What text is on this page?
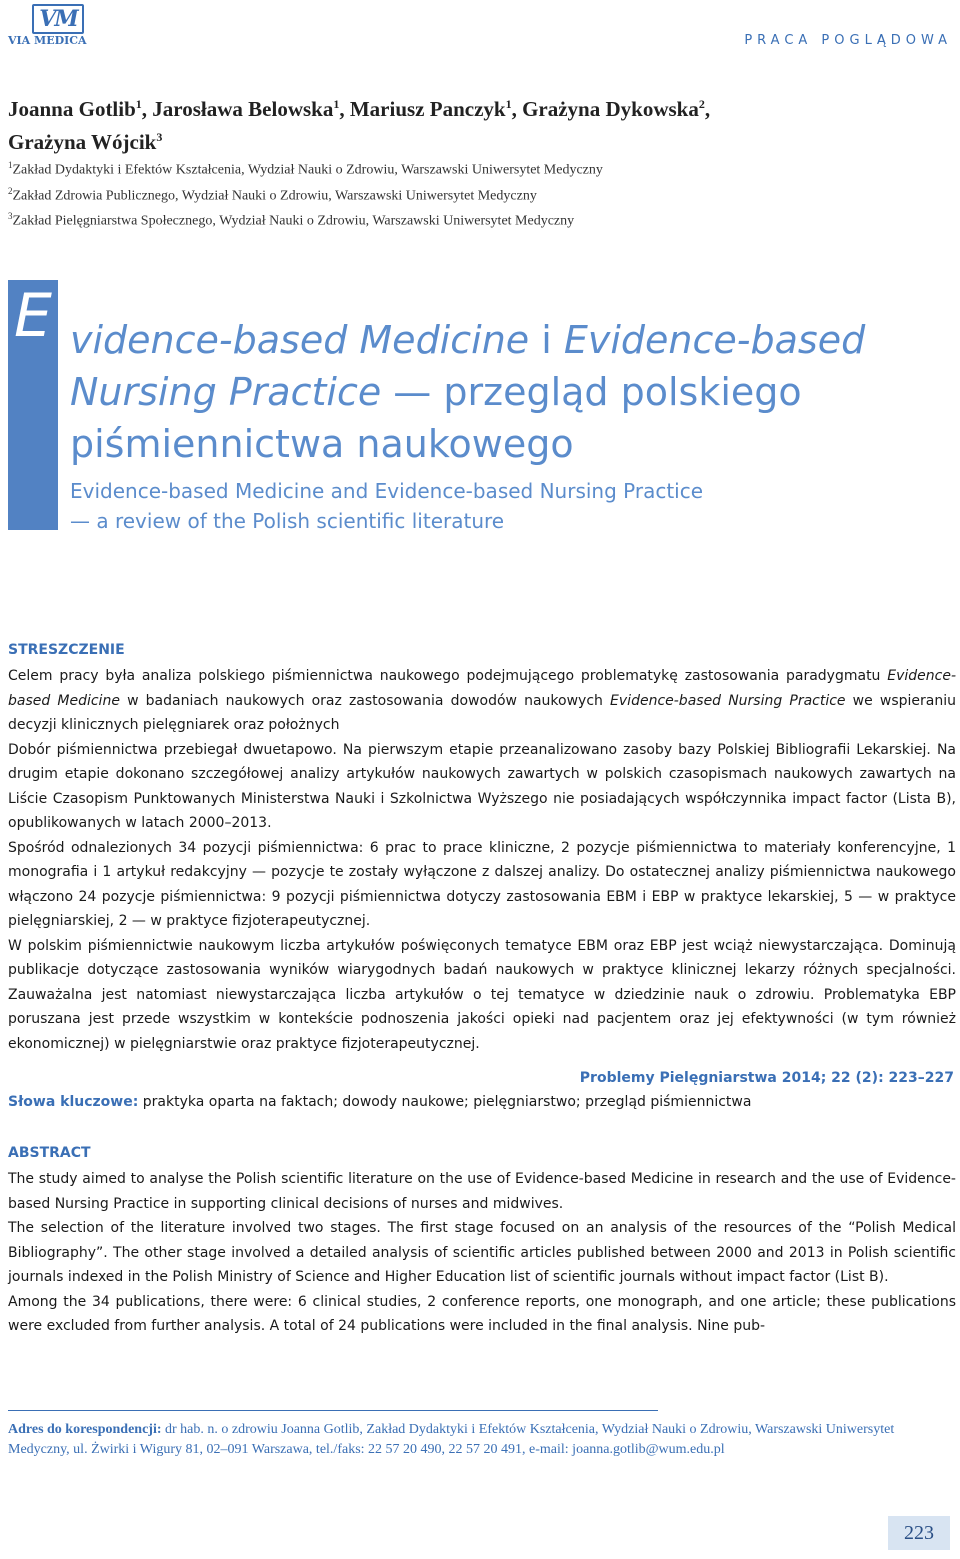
VM
VIA MEDICA	PRACA POGLĄDOWA
Joanna Gotlib$^1$, Jarosława Belowska$^1$, Mariusz Panczyk$^1$, Grażyna Dykowska$^2$,
Grażyna Wójcik$^3$

$^1$Zakład Dydaktyki i Efektów Kształcenia, Wydział Nauki o Zdrowiu, Warszawski Uniwersytet Medyczny

$^2$Zakład Zdrowia Publicznego, Wydział Nauki o Zdrowiu, Warszawski Uniwersytet Medyczny

$^3$Zakład Pielęgniarstwa Społecznego, Wydział Nauki o Zdrowiu, Warszawski Uniwersytet Medyczny

E vidence-based Medicine i Evidence-based
Nursing Practice — przegląd polskiego
piśmiennictwa naukowego
Evidence-based Medicine and Evidence-based Nursing Practice
— a review of the Polish scientific literature
STRESZCZENIE

Celem pracy była analiza polskiego piśmiennictwa naukowego podejmującego problematykę zastosowania paradygmatu Evidence-based Medicine w badaniach naukowych oraz zastosowania dowodów naukowych Evidence-based Nursing Practice we wspieraniu decyzji klinicznych pielęgniarek oraz położnych

Dobór piśmiennictwa przebiegał dwuetapowo. Na pierwszym etapie przeanalizowano zasoby bazy Polskiej Bibliografii Lekarskiej. Na drugim etapie dokonano szczegółowej analizy artykułów naukowych zawartych w polskich czasopismach naukowych zawartych na Liście Czasopism Punktowanych Ministerstwa Nauki i Szkolnictwa Wyższego nie posiadających współczynnika impact factor (Lista B), opublikowanych w latach 2000–2013.

Spośród odnalezionych 34 pozycji piśmiennictwa: 6 prac to prace kliniczne, 2 pozycje piśmiennictwa to materiały konferencyjne, 1 monografia i 1 artykuł redakcyjny — pozycje te zostały wyłączone z dalszej analizy. Do ostatecznej analizy piśmiennictwa naukowego włączono 24 pozycje piśmiennictwa: 9 pozycji piśmiennictwa dotyczy zastosowania EBM i EBP w praktyce lekarskiej, 5 — w praktyce pielęgniarskiej, 2 — w praktyce fizjoterapeutycznej.

W polskim piśmiennictwie naukowym liczba artykułów poświęconych tematyce EBM oraz EBP jest wciąż niewystarczająca. Dominują publikacje dotyczące zastosowania wyników wiarygodnych badań naukowych w praktyce klinicznej lekarzy różnych specjalności. Zauważalna jest natomiast niewystarczająca liczba artykułów o tej tematyce w dziedzinie nauk o zdrowiu. Problematyka EBP poruszana jest przede wszystkim w kontekście podnoszenia jakości opieki nad pacjentem oraz jej efektywności (w tym również ekonomicznej) w pielęgniarstwie oraz praktyce fizjoterapeutycznej.

Problemy Pielęgniarstwa 2014; 22 (2): 223–227
Słowa kluczowe: praktyka oparta na faktach; dowody naukowe; pielęgniarstwo; przegląd piśmiennictwa
ABSTRACT

The study aimed to analyse the Polish scientific literature on the use of Evidence-based Medicine in research and the use of Evidence-based Nursing Practice in supporting clinical decisions of nurses and midwives.

The selection of the literature involved two stages. The first stage focused on an analysis of the resources of the “Polish Medical Bibliography”. The other stage involved a detailed analysis of scientific articles published between 2000 and 2013 in Polish scientific journals indexed in the Polish Ministry of Science and Higher Education list of scientific journals without impact factor (List B).

Among the 34 publications, there were: 6 clinical studies, 2 conference reports, one monograph, and one article; these publications were excluded from further analysis. A total of 24 publications were included in the final analysis. Nine pub-

Adres do korespondencji: dr hab. n. o zdrowiu Joanna Gotlib, Zakład Dydaktyki i Efektów Kształcenia, Wydział Nauki o Zdrowiu, Warszawski Uniwersytet Medyczny, ul. Żwirki i Wigury 81, 02–091 Warszawa, tel./faks: 22 57 20 490, 22 57 20 491, e-mail: joanna.gotlib@wum.edu.pl
223
